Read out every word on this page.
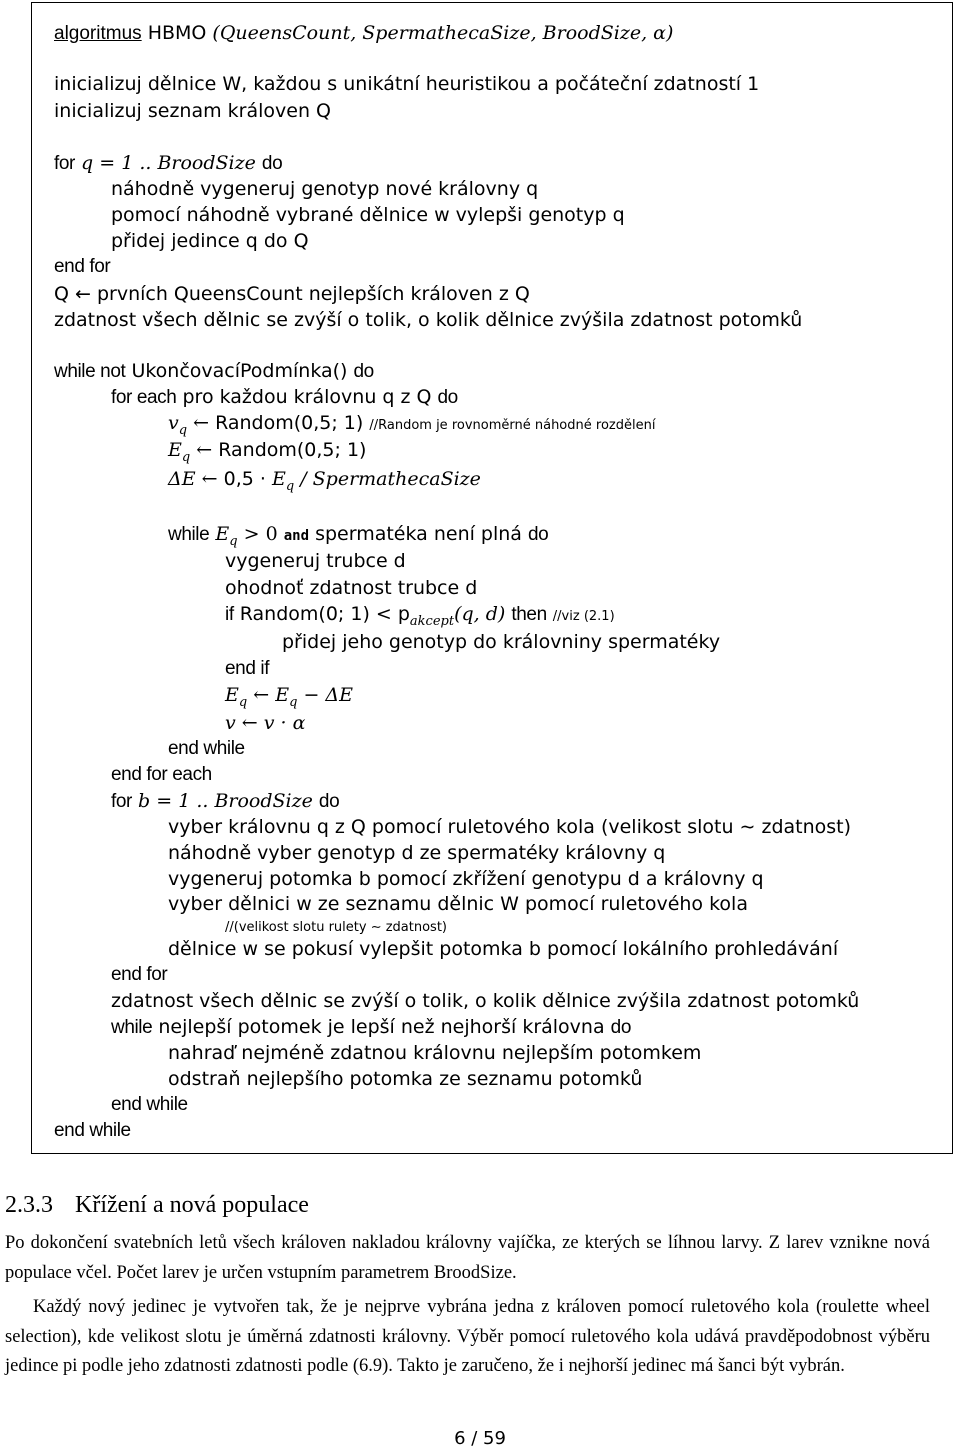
algoritmus HBMO (QueensCount, SpermathecaSize, BroodSize, α)
inicializuj dělnice W, každou s unikátní heuristikou a počáteční zdatností 1
inicializuj seznam královen Q
for q = 1 .. BroodSize do
náhodně vygeneruj genotyp nové královny q
pomocí náhodně vybrané dělnice w vylepši genotyp q
přidej jedince q do Q
end for
Q ← prvních QueensCount nejlepších královen z Q
zdatnost všech dělnic se zvýší o tolik, o kolik dělnice zvýšila zdatnost potomků
while not UkončovacíPodmínka() do
for each pro každou královnu q z Q do
$v_q$ ← Random(0,5; 1) //Random je rovnoměrné náhodné rozdělení
$E_q$ ← Random(0,5; 1)
ΔE ← $0,5 \cdot E_q$ / SpermathecaSize
while $E_q > 0$ and spermatéka není plná do
vygeneruj trubce d
ohodnoť zdatnost trubce d
if Random(0; $1) < p_{akcept}(q$, d) then //viz (2.1)
přidej jeho genotyp do královniny spermatéky
end if
$E_q$ ← $E_q - \Delta E$
v ← v · α
end while
end for each
for b = 1 .. BroodSize do
vyber královnu q z Q pomocí ruletového kola (velikost slotu ∼ zdatnost)
náhodně vyber genotyp d ze spermatéky královny q
vygeneruj potomka b pomocí zkřížení genotypu d a královny q
vyber dělnici w ze seznamu dělnic W pomocí ruletového kola
//(velikost slotu rulety ∼ zdatnost)
dělnice w se pokusí vylepšit potomka b pomocí lokálního prohledávání
end for
zdatnost všech dělnic se zvýší o tolik, o kolik dělnice zvýšila zdatnost potomků
while nejlepší potomek je lepší než nejhorší královna do
nahraď nejméně zdatnou královnu nejlepším potomkem
odstraň nejlepšího potomka ze seznamu potomků
end while
end while
2.3.3 Křížení a nová populace
Po dokončení svatebních letů všech královen nakladou královny vajíčka, ze kterých se líhnou larvy. Z larev vznikne nová populace včel. Počet larev je určen vstupním parametrem BroodSize.
Každý nový jedinec je vytvořen tak, že je nejprve vybrána jedna z královen pomocí ruletového kola (roulette wheel selection), kde velikost slotu je úměrná zdatnosti královny. Výběr pomocí ruletového kola udává pravděpodobnost výběru jedince pi podle jeho zdatnosti zdatnosti podle (6.9). Takto je zaručeno, že i nejhorší jedinec má šanci být vybrán.
6 / 59
